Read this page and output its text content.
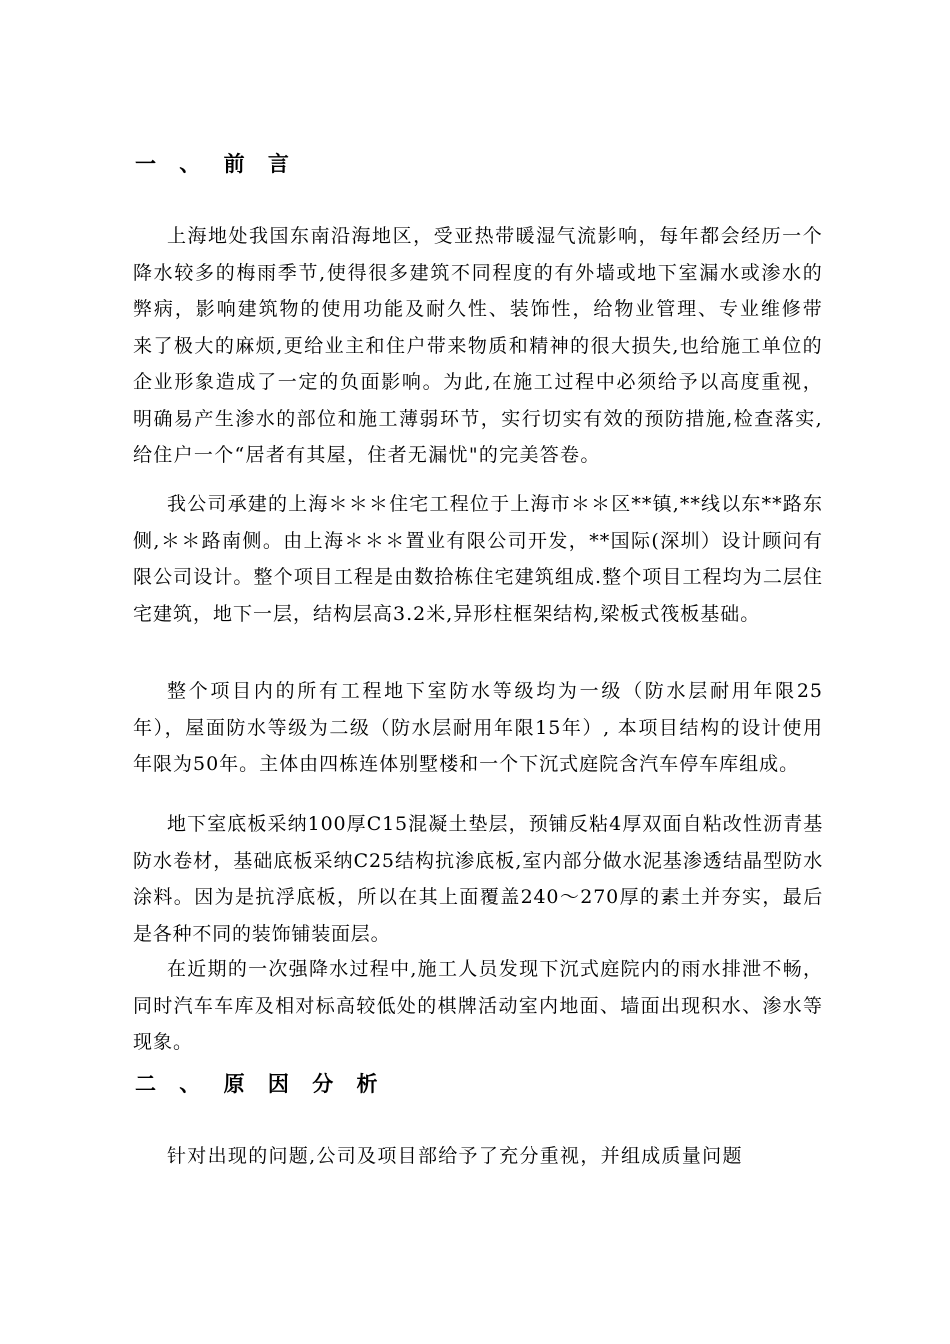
一 、 前 言

上海地处我国东南沿海地区，受亚热带暖湿气流影响，每年都会经历一个降水较多的梅雨季节,使得很多建筑不同程度的有外墙或地下室漏水或渗水的弊病，影响建筑物的使用功能及耐久性、装饰性，给物业管理、专业维修带来了极大的麻烦,更给业主和住户带来物质和精神的很大损失,也给施工单位的企业形象造成了一定的负面影响。为此,在施工过程中必须给予以高度重视，明确易产生渗水的部位和施工薄弱环节，实行切实有效的预防措施,检查落实,给住户一个“居者有其屋，住者无漏忧"的完美答卷。

我公司承建的上海＊＊＊住宅工程位于上海市＊＊区**镇,**线以东**路东侧,＊＊路南侧。由上海＊＊＊置业有限公司开发，**国际(深圳）设计顾问有限公司设计。整个项目工程是由数拾栋住宅建筑组成.整个项目工程均为二层住宅建筑，地下一层，结构层高3.2米,异形柱框架结构,梁板式筏板基础。

整个项目内的所有工程地下室防水等级均为一级（防水层耐用年限25年），屋面防水等级为二级（防水层耐用年限15年）, 本项目结构的设计使用年限为50年。主体由四栋连体别墅楼和一个下沉式庭院含汽车停车库组成。

地下室底板采纳100厚C15混凝土垫层，预铺反粘4厚双面自粘改性沥青基防水卷材，基础底板采纳C25结构抗渗底板,室内部分做水泥基渗透结晶型防水涂料。因为是抗浮底板，所以在其上面覆盖240～270厚的素土并夯实，最后是各种不同的装饰铺装面层。

在近期的一次强降水过程中,施工人员发现下沉式庭院内的雨水排泄不畅，同时汽车车库及相对标高较低处的棋牌活动室内地面、墙面出现积水、渗水等现象。

二 、 原 因 分 析

针对出现的问题,公司及项目部给予了充分重视，并组成质量问题
